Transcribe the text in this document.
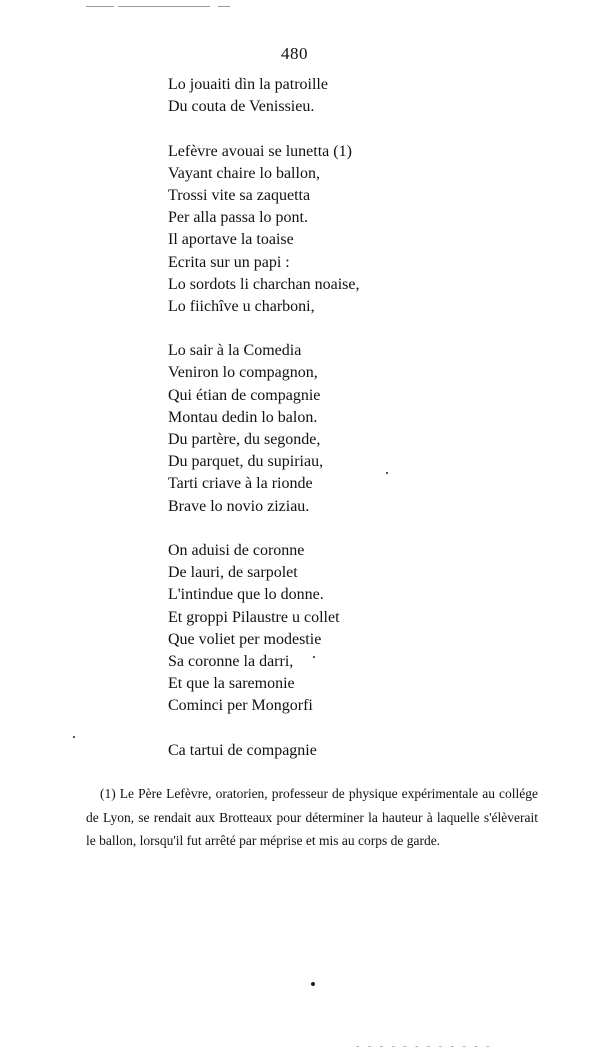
480
Lo jouaiti dìn la patroille
Du couta de Venissieu.
Lefèvre avouai se lunetta (1)
Vayant chaire lo ballon,
Trossi vite sa zaquetta
Per alla passa lo pont.
Il aportave la toaise
Ecrita sur un papi :
Lo sordots li charchan noaise,
Lo fiichîve u charboni,
Lo sair à la Comedia
Veniron lo compagnon,
Qui étian de compagnie
Montau dedin lo balon.
Du partère, du segonde,
Du parquet, du supiriau,
Tarti criave à la rionde
Brave lo novio ziziau.
On aduisi de coronne
De lauri, de sarpolet
L'intindue que lo donne.
Et groppi Pilaustre u collet
Que voliet per modestie
Sa coronne la darri,
Et que la saremonie
Cominci per Mongorfi
Ca tartui de compagnie
(1) Le Père Lefèvre, oratorien, professeur de physique expérimentale au collége de Lyon, se rendait aux Brotteaux pour déterminer la hauteur à laquelle s'élèverait le ballon, lorsqu'il fut arrêté par méprise et mis au corps de garde.
- - - - - - - - - - - -
